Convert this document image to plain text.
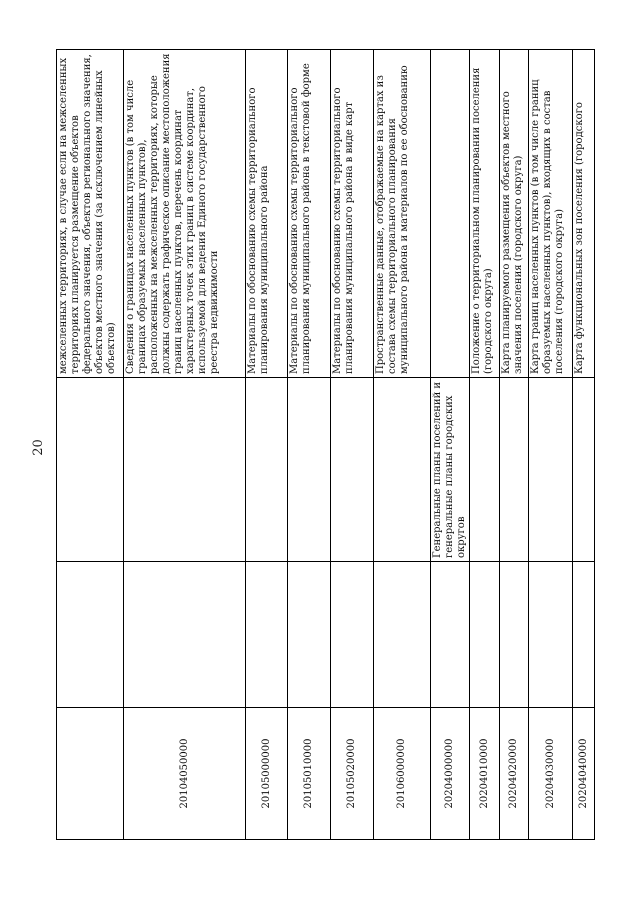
20
			межселенных территориях, в случае если на межселенных территориях планируется размещение объектов федерального значения, объектов регионального значения, объектов местного значения (за исключением линейных объектов)
20104050000			Сведения о границах населенных пунктов (в том числе границах образуемых населенных пунктов), расположенных на межселенных территориях, которые должны содержать графическое описание местоположения границ населенных пунктов, перечень координат характерных точек этих границ в системе координат, используемой для ведения Единого государственного реестра недвижимости
20105000000			Материалы по обоснованию схемы территориального планирования муниципального района
20105010000			Материалы по обоснованию схемы территориального планирования муниципального района в текстовой форме
20105020000			Материалы по обоснованию схемы территориального планирования муниципального района в виде карт
20106000000			Пространственные данные, отображаемые на картах из состава схемы территориального планирования муниципального района и материалов по ее обоснованию
20204000000		Генеральные планы поселений и генеральные планы городских округов	
20204010000			Положение о территориальном планировании поселения (городского округа)
20204020000			Карта планируемого размещения объектов местного значения поселения (городского округа)
20204030000			Карта границ населенных пунктов (в том числе границ образуемых населенных пунктов), входящих в состав поселения (городского округа)
20204040000			Карта функциональных зон поселения (городского
